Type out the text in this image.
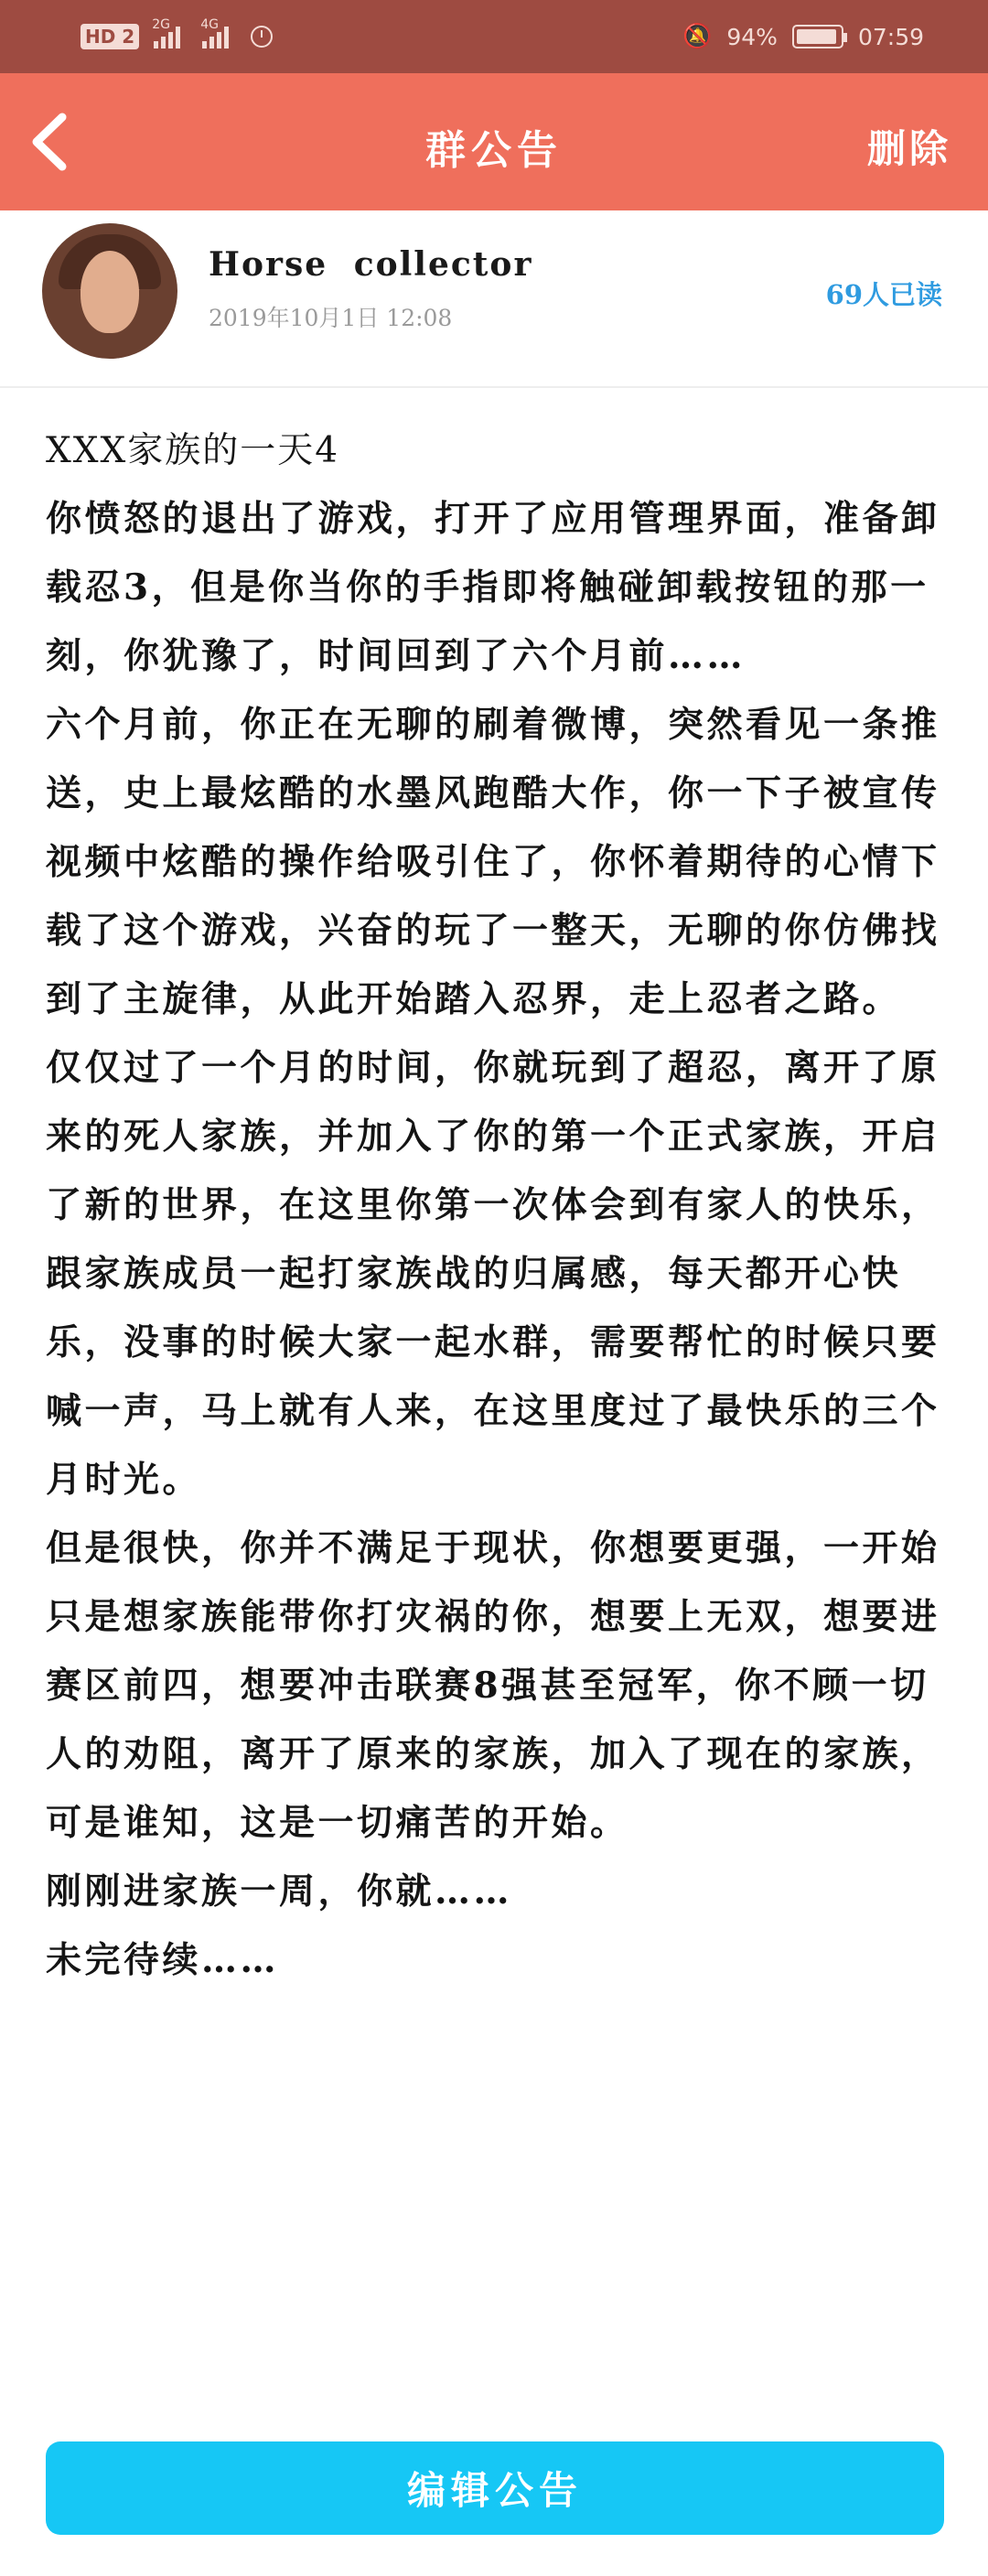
HD 2
2G 4G	🔕 94%	07:59
群公告	删除
Horse collector
2019年10月1日 12:08
69人已读

XXX家族的一天4

你愤怒的退出了游戏，打开了应用管理界面，准备卸载忍3，但是你当你的手指即将触碰卸载按钮的那一刻，你犹豫了，时间回到了六个月前……

六个月前，你正在无聊的刷着微博，突然看见一条推送，史上最炫酷的水墨风跑酷大作，你一下子被宣传视频中炫酷的操作给吸引住了，你怀着期待的心情下载了这个游戏，兴奋的玩了一整天，无聊的你仿佛找到了主旋律，从此开始踏入忍界，走上忍者之路。

仅仅过了一个月的时间，你就玩到了超忍，离开了原来的死人家族，并加入了你的第一个正式家族，开启了新的世界，在这里你第一次体会到有家人的快乐，跟家族成员一起打家族战的归属感，每天都开心快乐，没事的时候大家一起水群，需要帮忙的时候只要喊一声，马上就有人来，在这里度过了最快乐的三个月时光。

但是很快，你并不满足于现状，你想要更强，一开始只是想家族能带你打灾祸的你，想要上无双，想要进赛区前四，想要冲击联赛8强甚至冠军，你不顾一切人的劝阻，离开了原来的家族，加入了现在的家族，可是谁知，这是一切痛苦的开始。

刚刚进家族一周，你就……

未完待续……

编辑公告
